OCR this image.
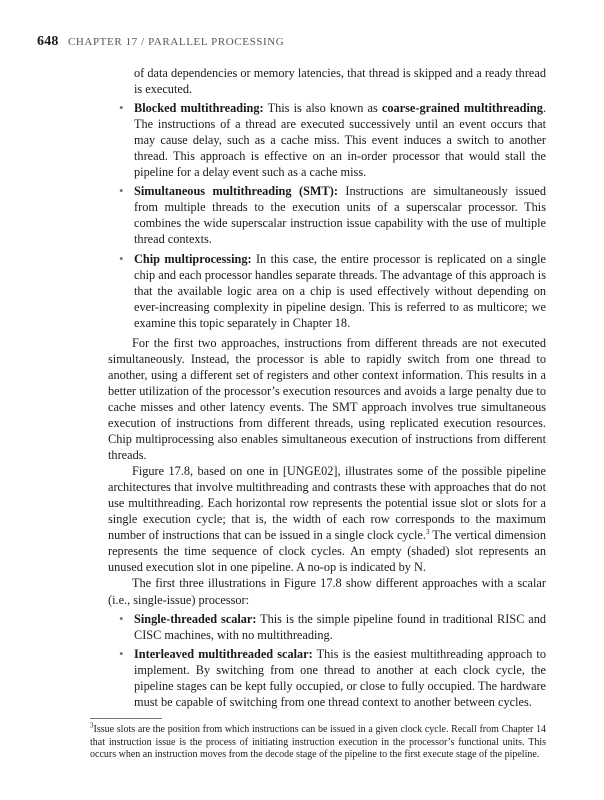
648 CHAPTER 17 / PARALLEL PROCESSING

of data dependencies or memory latencies, that thread is skipped and a ready thread is executed.

• Blocked multithreading: This is also known as coarse-grained multithreading. The instructions of a thread are executed successively until an event occurs that may cause delay, such as a cache miss. This event induces a switch to another thread. This approach is effective on an in-order processor that would stall the pipeline for a delay event such as a cache miss.
• Simultaneous multithreading (SMT): Instructions are simultaneously issued from multiple threads to the execution units of a superscalar processor. This combines the wide superscalar instruction issue capability with the use of multiple thread contexts.
• Chip multiprocessing: In this case, the entire processor is replicated on a single chip and each processor handles separate threads. The advantage of this approach is that the available logic area on a chip is used effectively without depending on ever-increasing complexity in pipeline design. This is referred to as multicore; we examine this topic separately in Chapter 18.

For the first two approaches, instructions from different threads are not executed simultaneously. Instead, the processor is able to rapidly switch from one thread to another, using a different set of registers and other context information. This results in a better utilization of the processor’s execution resources and avoids a large penalty due to cache misses and other latency events. The SMT approach involves true simultaneous execution of instructions from different threads, using replicated execution resources. Chip multiprocessing also enables simultaneous execution of instructions from different threads.

Figure 17.8, based on one in [UNGE02], illustrates some of the possible pipeline architectures that involve multithreading and contrasts these with approaches that do not use multithreading. Each horizontal row represents the potential issue slot or slots for a single execution cycle; that is, the width of each row corresponds to the maximum number of instructions that can be issued in a single clock cycle.$^3$ The vertical dimension represents the time sequence of clock cycles. An empty (shaded) slot represents an unused execution slot in one pipeline. A no-op is indicated by N.

The first three illustrations in Figure 17.8 show different approaches with a scalar (i.e., single-issue) processor:

• Single-threaded scalar: This is the simple pipeline found in traditional RISC and CISC machines, with no multithreading.
• Interleaved multithreaded scalar: This is the easiest multithreading approach to implement. By switching from one thread to another at each clock cycle, the pipeline stages can be kept fully occupied, or close to fully occupied. The hardware must be capable of switching from one thread context to another between cycles.
$^3$Issue slots are the position from which instructions can be issued in a given clock cycle. Recall from Chapter 14 that instruction issue is the process of initiating instruction execution in the processor’s functional units. This occurs when an instruction moves from the decode stage of the pipeline to the first execute stage of the pipeline.
